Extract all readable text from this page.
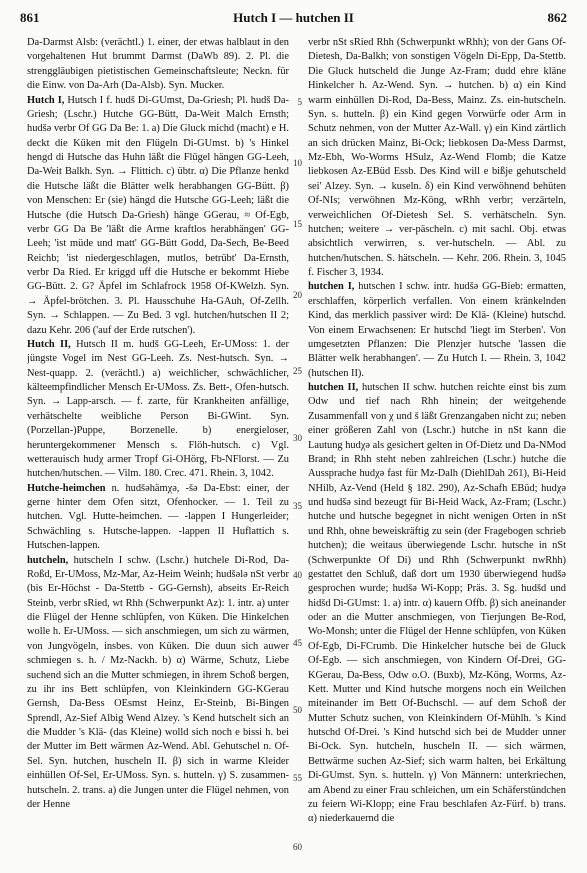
861	Hutch I — hutchen II	862

Da-Darmst Alsb: (verächtl.) 1. einer, der etwas halblaut in den vorgehaltenen Hut brummt Darmst (DaWb 89). 2. Pl. die strenggläubigen pietistischen Gemeinschaftsleute; Neckn. für die Einw. von Da-Arh (Da-Alsb). Syn. Mucker.

Hutch I, Hutsch I f. hudš Di-GUmst, Da-Griesh; Pl. hudš Da-Griesh; (Lschr.) Hutche GG-Bütt, Da-Weit Malch Ernsth; hudšə verbr Of GG Da Be: 1. a) Die Gluck michd (macht) e H. deckt die Küken mit den Flügeln Di-GUmst. b) 's Hinkel hengd di Hutsche das Huhn läßt die Flügel hängen GG-Leeh, Da-Weit Balkh. Syn. → Flittich. c) übtr. α) Die Pflanze henkd die Hutsche läßt die Blätter welk herabhangen GG-Bütt. β) von Menschen: Er (sie) hängd die Hutsche GG-Leeh; läßt die Hutsche (die Hutsch Da-Griesh) hänge GGerau, ≈ Of-Egb, verbr GG Da Be 'läßt die Arme kraftlos herabhängen' GG-Leeh; 'ist müde und matt' GG-Bütt Godd, Da-Sech, Be-Beed Reichb; 'ist niedergeschlagen, mutlos, betrübt' Da-Ernsth, verbr Da Ried. Er kriggd uff die Hutsche er bekommt Hiebe GG-Bütt. 2. G? Äpfel im Schlafrock 1958 Of-KWelzh. Syn. → Äpfel-brötchen. 3. Pl. Hausschuhe Ha-GAuh, Of-Zellh. Syn. → Schlappen. — Zu Bed. 3 vgl. hutchen/hutschen II 2; dazu Kehr. 206 ('auf der Erde rutschen').

Hutch II, Hutsch II m. hudš GG-Leeh, Er-UMoss: 1. der jüngste Vogel im Nest GG-Leeh. Zs. Nest-hutsch. Syn. → Nest-quapp. 2. (verächtl.) a) weichlicher, schwächlicher, kälteempfindlicher Mensch Er-UMoss. Zs. Bett-, Ofen-hutsch. Syn. → Lapp-arsch. — f. zarte, für Krankheiten anfällige, verhätschelte weibliche Person Bi-GWint. Syn. (Porzellan-)Puppe, Borzenelle. b) energieloser, heruntergekommener Mensch s. Flöh-hutsch. c) Vgl. wetterauisch hudχ armer Tropf Gi-OHörg, Fb-NFlorst. — Zu hutchen/hutschen. — Vilm. 180. Crec. 471. Rhein. 3, 1042.

Hutche-heimchen n. hudšəhämχə, -šə Da-Ebst: einer, der gerne hinter dem Ofen sitzt, Ofenhocker. — 1. Teil zu hutchen. Vgl. Hutte-heimchen. — -lappen I Hungerleider; Schwächling s. Hutsche-lappen. -lappen II Huflattich s. Hutschen-lappen.

hutcheln, hutscheln I schw. (Lschr.) hutchele Di-Rod, Da-Roßd, Er-UMoss, Mz-Mar, Az-Heim Weinh; hudšələ nSt verbr (bis Er-Höchst - Da-Stettb - GG-Gernsh), abseits Er-Reich Steinb, verbr sRied, wt Rhh (Schwerpunkt Az): 1. intr. a) unter die Flügel der Henne schlüpfen, von Küken. Die Hinkelchen wolle h. Er-UMoss. — sich anschmiegen, um sich zu wärmen, von Jungvögeln, insbes. von Küken. Die duun sich auwer schmiegen s. h. / Mz-Nackh. b) α) Wärme, Schutz, Liebe suchend sich an die Mutter schmiegen, in ihrem Schoß bergen, zu ihr ins Bett schlüpfen, von Kleinkindern GG-KGerau Gernsh, Da-Bess OEsmst Heinz, Er-Steinb, Bi-Bingen Sprendl, Az-Sief Albig Wend Alzey. 's Kend hutschelt sich an die Mudder 's Klä- (das Kleine) wolld sich noch e bissi h. bei der Mutter im Bett wärmen Az-Wend. Abl. Gehutschel n. Of-Sel. Syn. hutchen, huscheln II. β) sich in warme Kleider einhüllen Of-Sel, Er-UMoss. Syn. s. hutteln. γ) S. zusammen-hutscheln. 2. trans. a) die Jungen unter die Flügel nehmen, von der Henne

5
10
15
20
25
30
35
40
45
50
55
60

verbr nSt sRied Rhh (Schwerpunkt wRhh); von der Gans Of-Dietesh, Da-Balkh; von sonstigen Vögeln Di-Epp, Da-Stettb. Die Gluck hutscheld die Junge Az-Fram; dudd ehre kläne Hinkelcher h. Az-Wend. Syn. → hutchen. b) α) ein Kind warm einhüllen Di-Rod, Da-Bess, Mainz. Zs. ein-hutscheln. Syn. s. hutteln. β) ein Kind gegen Vorwürfe oder Arm in Schutz nehmen, von der Mutter Az-Wall. γ) ein Kind zärtlich an sich drücken Mainz, Bi-Ock; liebkosen Da-Mess Darmst, Mz-Ebh, Wo-Worms HSulz, Az-Wend Flomb; die Katze liebkosen Az-EBüd Essb. Des Kind will e bißje gehutscheld sei' Alzey. Syn. → kuseln. δ) ein Kind verwöhnend behüten Of-NIs; verwöhnen Mz-Köng, wRhh verbr; verzärteln, verweichlichen Of-Dietesh Sel. S. verhätscheln. Syn. hutchen; weitere → ver-päscheln. c) mit sachl. Obj. etwas absichtlich verwirren, s. ver-hutscheln. — Abl. zu hutchen/hutschen. S. hätscheln. — Kehr. 206. Rhein. 3, 1045 f. Fischer 3, 1934.

hutchen I, hutschen I schw. intr. hudšə GG-Bieb: ermatten, erschlaffen, körperlich verfallen. Von einem kränkelnden Kind, das merklich passiver wird: De Klä- (Kleine) hutschd. Von einem Erwachsenen: Er hutschd 'liegt im Sterben'. Von umgesetzten Pflanzen: Die Plenzjer hutsche 'lassen die Blätter welk herabhangen'. — Zu Hutch I. — Rhein. 3, 1042 (hutschen II).

hutchen II, hutschen II schw. hutchen reichte einst bis zum Odw und tief nach Rhh hinein; der weitgehende Zusammenfall von χ und š läßt Grenzangaben nicht zu; neben einer größeren Zahl von (Lschr.) hutche in nSt kann die Lautung hudχə als gesichert gelten in Of-Dietz und Da-NMod Brand; in Rhh steht neben zahlreichen (Lschr.) hutche die Aussprache hudχə fast für Mz-Dalh (DiehlDah 261), Bi-Heid NHilb, Az-Vend (Held § 182. 290), Az-Schafh EBüd; hudχə und hudšə sind bezeugt für Bi-Heid Wack, Az-Fram; (Lschr.) hutche und hutsche begegnet in nicht wenigen Orten in nSt und Rhh, ohne beweiskräftig zu sein (der Fragebogen schrieb hutchen); die weitaus überwiegende Lschr. hutsche in nSt (Schwerpunkte Of Di) und Rhh (Schwerpunkt nwRhh) gestattet den Schluß, daß dort um 1930 überwiegend hudšə gesprochen wurde; hudšə Wi-Kopp; Präs. 3. Sg. hudšd und hidšd Di-GUmst: 1. a) intr. α) kauern Offb. β) sich aneinander oder an die Mutter anschmiegen, von Tierjungen Be-Rod, Wo-Monsh; unter die Flügel der Henne schlüpfen, von Küken Of-Egb, Di-FCrumb. Die Hinkelcher hutsche bei de Gluck Of-Egb. — sich anschmiegen, von Kindern Of-Drei, GG-KGerau, Da-Bess, Odw o.O. (Buxb), Mz-Köng, Worms, Az-Kett. Mutter und Kind hutsche morgens noch ein Weilchen miteinander im Bett Of-Buchschl. — auf dem Schoß der Mutter Schutz suchen, von Kleinkindern Of-Mühlh. 's Kind hutschd Of-Drei. 's Kind hutschd sich bei de Mudder unner Bi-Ock. Syn. hutcheln, huscheln II. — sich wärmen, Bettwärme suchen Az-Sief; sich warm halten, bei Erkältung Di-GUmst. Syn. s. hutteln. γ) Von Männern: unterkriechen, am Abend zu einer Frau schleichen, um ein Schäferstündchen zu feiern Wi-Klopp; eine Frau beschlafen Az-Fürf. b) trans. α) niederkauernd die
